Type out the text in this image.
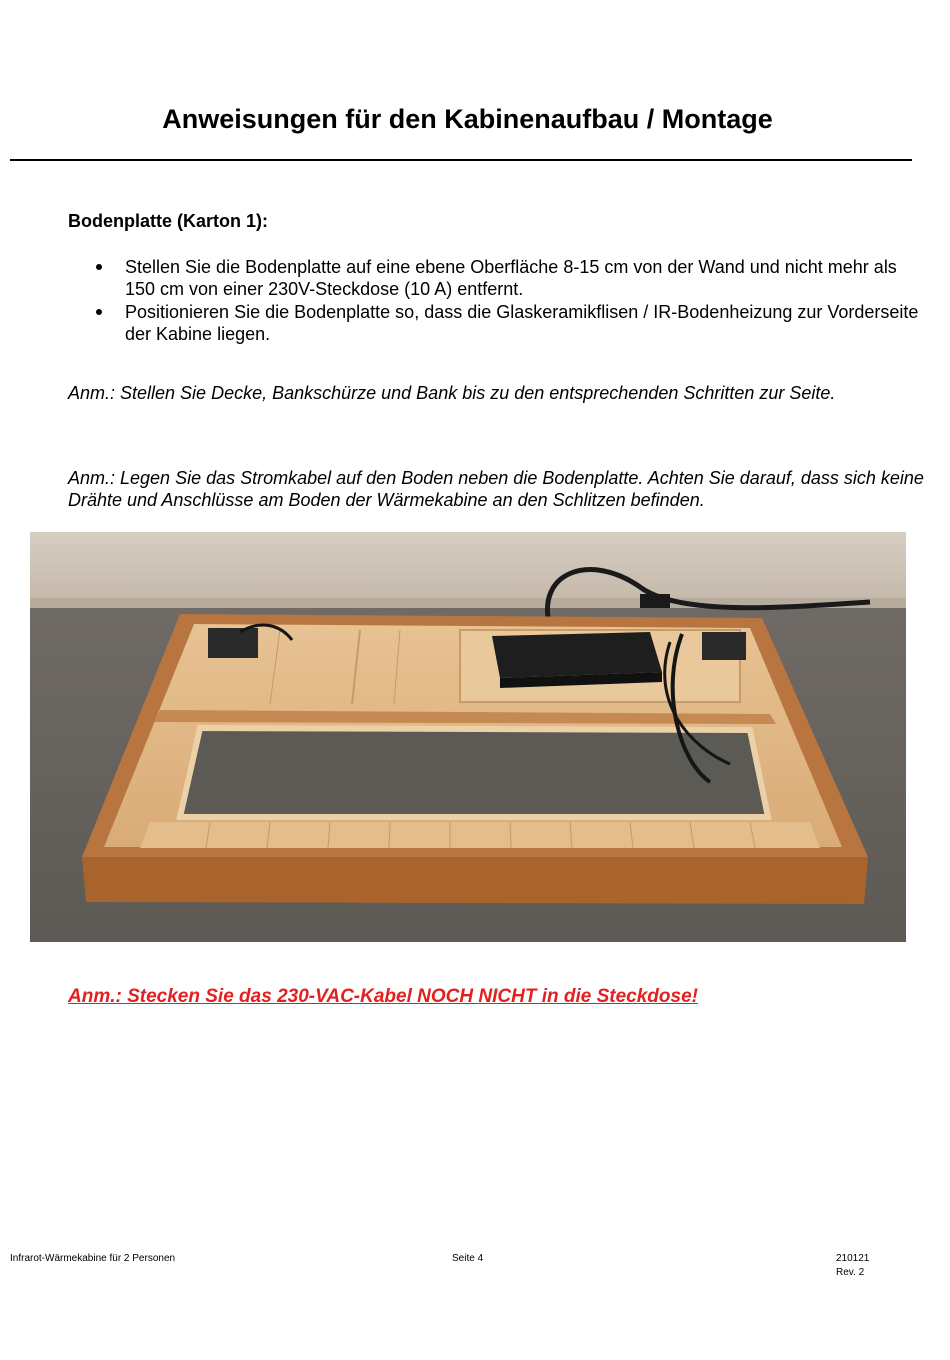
Anweisungen für den Kabinenaufbau / Montage
Bodenplatte (Karton 1):
Stellen Sie die Bodenplatte auf eine ebene Oberfläche 8-15 cm von der Wand und nicht mehr als 150 cm von einer 230V-Steckdose (10 A) entfernt.
Positionieren Sie die Bodenplatte so, dass die Glaskeramikflisen / IR-Bodenheizung zur Vorderseite der Kabine liegen.
Anm.: Stellen Sie Decke, Bankschürze und Bank bis zu den entsprechenden Schritten zur Seite.
Anm.: Legen Sie das Stromkabel auf den Boden neben die Bodenplatte. Achten Sie darauf, dass sich keine Drähte und Anschlüsse am Boden der Wärmekabine an den Schlitzen befinden.
Anm.: Stecken Sie das 230-VAC-Kabel NOCH NICHT in die Steckdose!
Infrarot-Wärmekabine für 2 Personen	Seite 4	210121
Rev. 2
